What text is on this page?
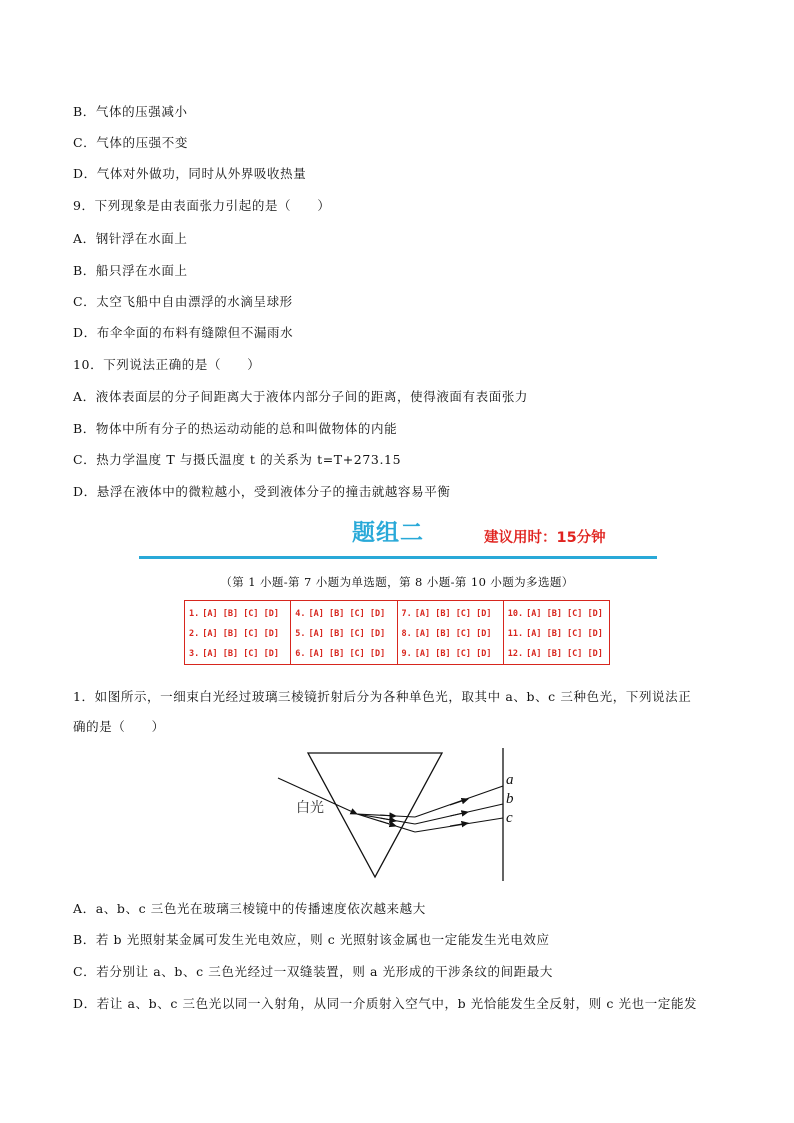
B．气体的压强减小
C．气体的压强不变
D．气体对外做功，同时从外界吸收热量
9．下列现象是由表面张力引起的是（　　）
A．钢针浮在水面上
B．船只浮在水面上
C．太空飞船中自由漂浮的水滴呈球形
D．布伞伞面的布料有缝隙但不漏雨水
10．下列说法正确的是（　　）
A．液体表面层的分子间距离大于液体内部分子间的距离，使得液面有表面张力
B．物体中所有分子的热运动动能的总和叫做物体的内能
C．热力学温度 T 与摄氏温度 t 的关系为 t=T+273.15
D．悬浮在液体中的微粒越小，受到液体分子的撞击就越容易平衡
题组二	建议用时：15分钟
（第 1 小题-第 7 小题为单选题，第 8 小题-第 10 小题为多选题）
1. [A] [B] [C] [D]
2. [A] [B] [C] [D]
3. [A] [B] [C] [D]
4. [A] [B] [C] [D]
5. [A] [B] [C] [D]
6. [A] [B] [C] [D]
7. [A] [B] [C] [D]
8. [A] [B] [C] [D]
9. [A] [B] [C] [D]
10. [A] [B] [C] [D]
11. [A] [B] [C] [D]
12. [A] [B] [C] [D]
1．如图所示，一细束白光经过玻璃三棱镜折射后分为各种单色光，取其中 a、b、c 三种色光，下列说法正
确的是（　　）
白光
a
b
c
A．a、b、c 三色光在玻璃三棱镜中的传播速度依次越来越大
B．若 b 光照射某金属可发生光电效应，则 c 光照射该金属也一定能发生光电效应
C．若分别让 a、b、c 三色光经过一双缝装置，则 a 光形成的干涉条纹的间距最大
D．若让 a、b、c 三色光以同一入射角，从同一介质射入空气中，b 光恰能发生全反射，则 c 光也一定能发
